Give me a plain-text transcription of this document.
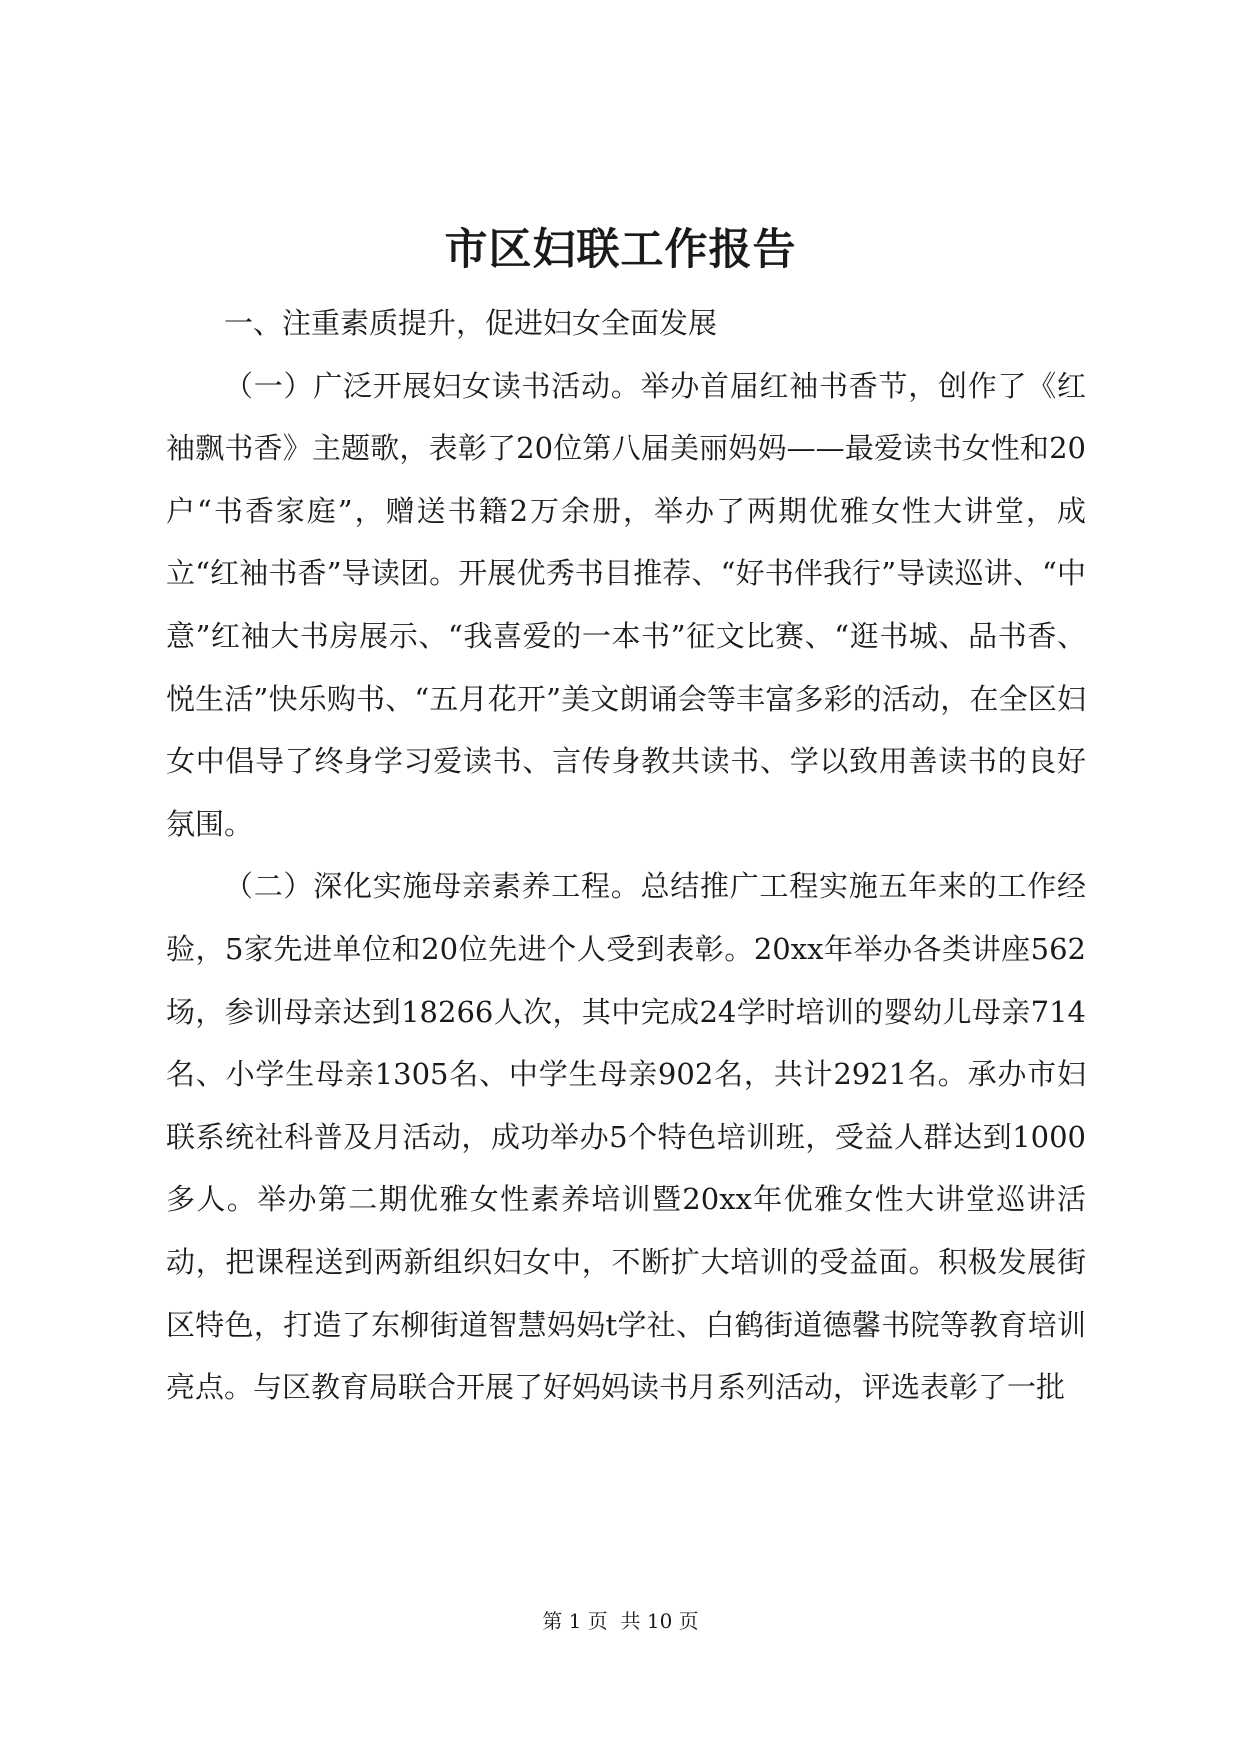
市区妇联工作报告

一、注重素质提升，促进妇女全面发展

（一）广泛开展妇女读书活动。举办首届红袖书香节，创作了《红袖飘书香》主题歌，表彰了20位第八届美丽妈妈——最爱读书女性和20户“书香家庭”，赠送书籍2万余册，举办了两期优雅女性大讲堂，成立“红袖书香”导读团。开展优秀书目推荐、“好书伴我行”导读巡讲、“中意”红袖大书房展示、“我喜爱的一本书”征文比赛、“逛书城、品书香、悦生活”快乐购书、“五月花开”美文朗诵会等丰富多彩的活动，在全区妇女中倡导了终身学习爱读书、言传身教共读书、学以致用善读书的良好氛围。

（二）深化实施母亲素养工程。总结推广工程实施五年来的工作经验，5家先进单位和20位先进个人受到表彰。20xx年举办各类讲座562场，参训母亲达到18266人次，其中完成24学时培训的婴幼儿母亲714名、小学生母亲1305名、中学生母亲902名，共计2921名。承办市妇联系统社科普及月活动，成功举办5个特色培训班，受益人群达到1000多人。举办第二期优雅女性素养培训暨20xx年优雅女性大讲堂巡讲活动，把课程送到两新组织妇女中，不断扩大培训的受益面。积极发展街区特色，打造了东柳街道智慧妈妈t学社、白鹤街道德馨书院等教育培训亮点。与区教育局联合开展了好妈妈读书月系列活动，评选表彰了一批

第 1 页  共 10 页
